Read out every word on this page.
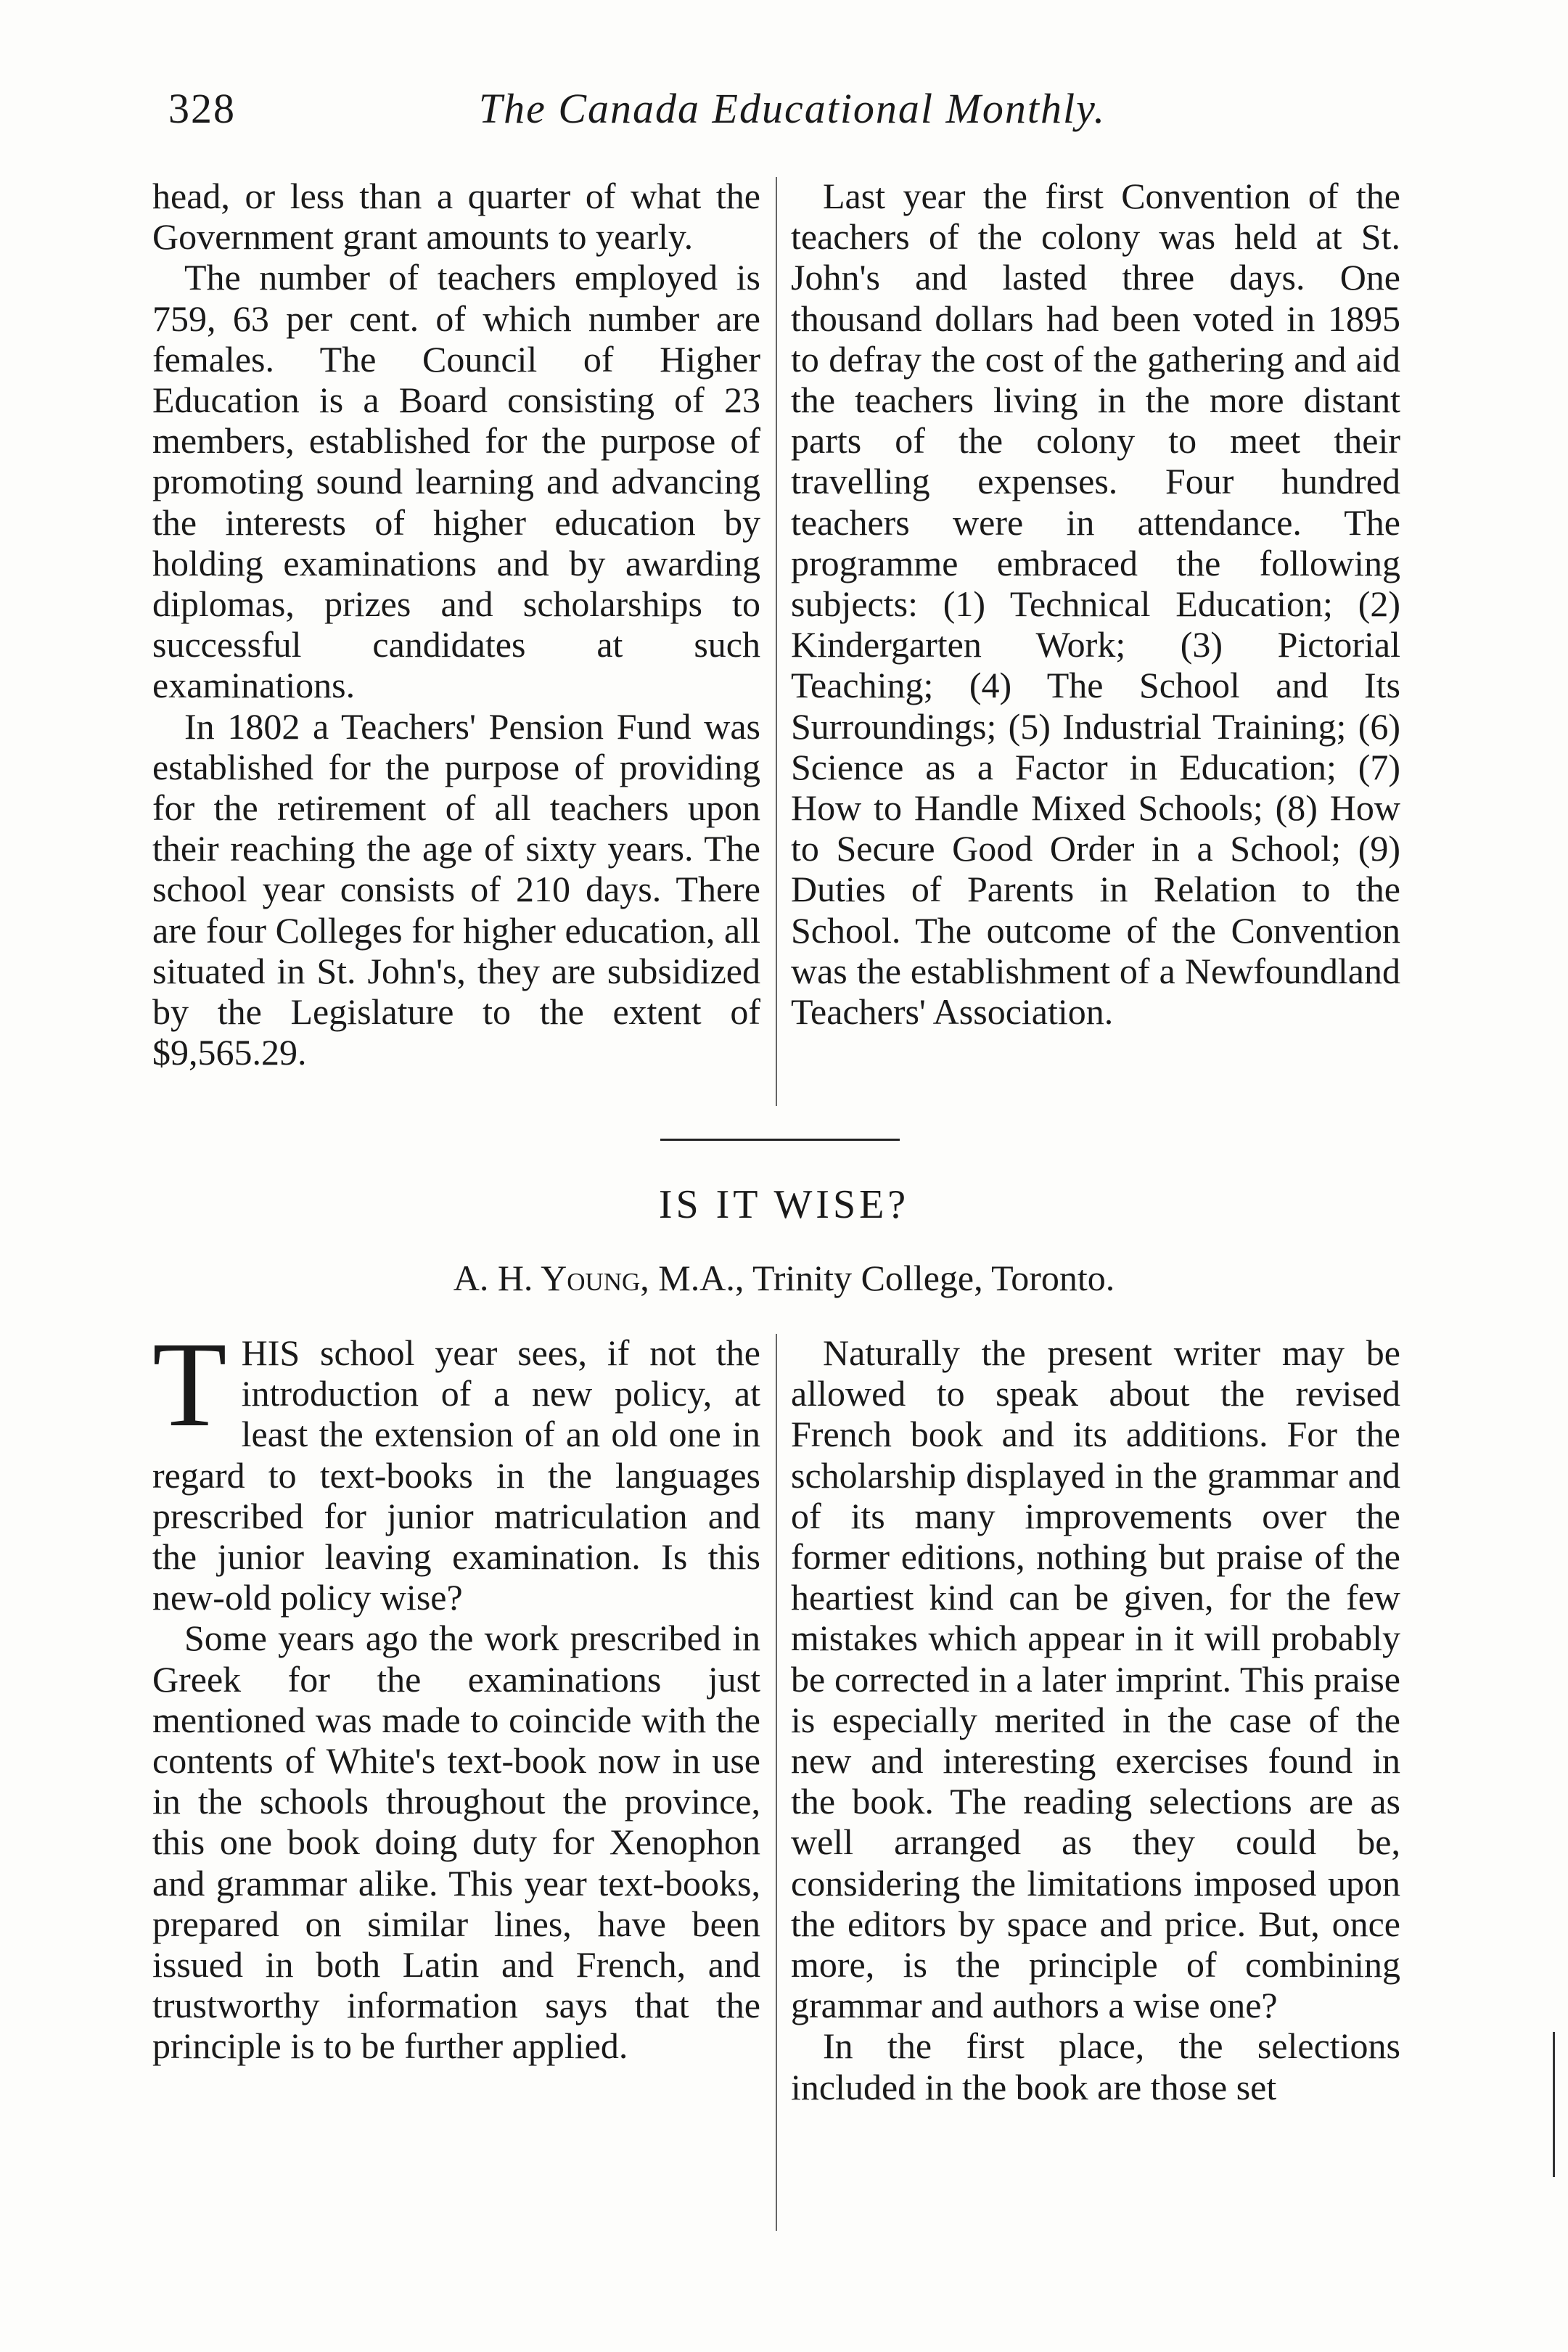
328	The Canada Educational Monthly.

head, or less than a quarter of what the Government grant amounts to yearly.

The number of teachers employed is 759, 63 per cent. of which number are females. The Council of Higher Education is a Board consisting of 23 members, established for the purpose of promoting sound learning and advancing the interests of higher education by holding examinations and by awarding diplomas, prizes and scholarships to successful candidates at such examinations.

In 1802 a Teachers' Pension Fund was established for the purpose of providing for the retirement of all teachers upon their reaching the age of sixty years. The school year consists of 210 days. There are four Colleges for higher education, all situated in St. John's, they are subsidized by the Legislature to the extent of $9,565.29.

Last year the first Convention of the teachers of the colony was held at St. John's and lasted three days. One thousand dollars had been voted in 1895 to defray the cost of the gathering and aid the teachers living in the more distant parts of the colony to meet their travelling expenses. Four hundred teachers were in attendance. The programme embraced the following subjects: (1) Technical Education; (2) Kindergarten Work; (3) Pictorial Teaching; (4) The School and Its Surroundings; (5) Industrial Training; (6) Science as a Factor in Education; (7) How to Handle Mixed Schools; (8) How to Secure Good Order in a School; (9) Duties of Parents in Relation to the School. The outcome of the Convention was the establishment of a Newfoundland Teachers' Association.

IS IT WISE?
A. H. Young, M.A., Trinity College, Toronto.

THIS school year sees, if not the introduction of a new policy, at least the extension of an old one in regard to text-books in the languages prescribed for junior matriculation and the junior leaving examination. Is this new-old policy wise?

Some years ago the work prescribed in Greek for the examinations just mentioned was made to coincide with the contents of White's text-book now in use in the schools throughout the province, this one book doing duty for Xenophon and grammar alike. This year text-books, prepared on similar lines, have been issued in both Latin and French, and trustworthy information says that the principle is to be further applied.

Naturally the present writer may be allowed to speak about the revised French book and its additions. For the scholarship displayed in the grammar and of its many improvements over the former editions, nothing but praise of the heartiest kind can be given, for the few mistakes which appear in it will probably be corrected in a later imprint. This praise is especially merited in the case of the new and interesting exercises found in the book. The reading selections are as well arranged as they could be, considering the limitations imposed upon the editors by space and price. But, once more, is the principle of combining grammar and authors a wise one?

In the first place, the selections included in the book are those set
